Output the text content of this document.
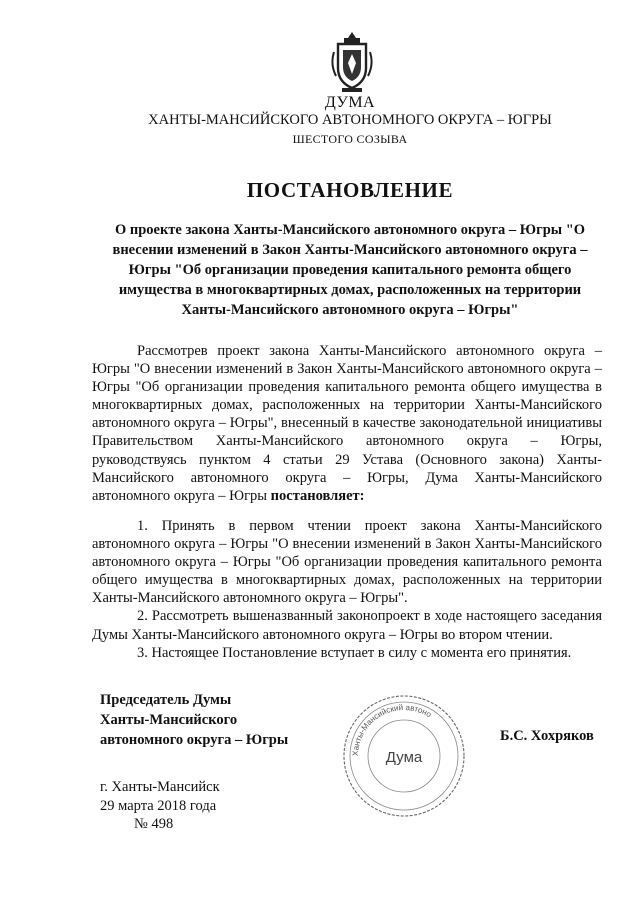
ДУМА
ХАНТЫ-МАНСИЙСКОГО АВТОНОМНОГО ОКРУГА – ЮГРЫ
ШЕСТОГО СОЗЫВА
ПОСТАНОВЛЕНИЕ
О проекте закона Ханты-Мансийского автономного округа – Югры "О внесении изменений в Закон Ханты-Мансийского автономного округа – Югры "Об организации проведения капитального ремонта общего имущества в многоквартирных домах, расположенных на территории Ханты-Мансийского автономного округа – Югры"

Рассмотрев проект закона Ханты-Мансийского автономного округа – Югры "О внесении изменений в Закон Ханты-Мансийского автономного округа – Югры "Об организации проведения капитального ремонта общего имущества в многоквартирных домах, расположенных на территории Ханты-Мансийского автономного округа – Югры", внесенный в качестве законодательной инициативы Правительством Ханты-Мансийского автономного округа – Югры, руководствуясь пунктом 4 статьи 29 Устава (Основного закона) Ханты-Мансийского автономного округа – Югры, Дума Ханты-Мансийского автономного округа – Югры постановляет:

1. Принять в первом чтении проект закона Ханты-Мансийского автономного округа – Югры "О внесении изменений в Закон Ханты-Мансийского автономного округа – Югры "Об организации проведения капитального ремонта общего имущества в многоквартирных домах, расположенных на территории Ханты-Мансийского автономного округа – Югры".

2. Рассмотреть вышеназванный законопроект в ходе настоящего заседания Думы Ханты-Мансийского автономного округа – Югры во втором чтении.

3. Настоящее Постановление вступает в силу с момента его принятия.

Председатель Думы
Ханты-Мансийского
автономного округа – Югры
Ханты-Мансийский автоно
Дума
Б.С. Хохряков
г. Ханты-Мансийск
29 марта 2018 года
№ 498
